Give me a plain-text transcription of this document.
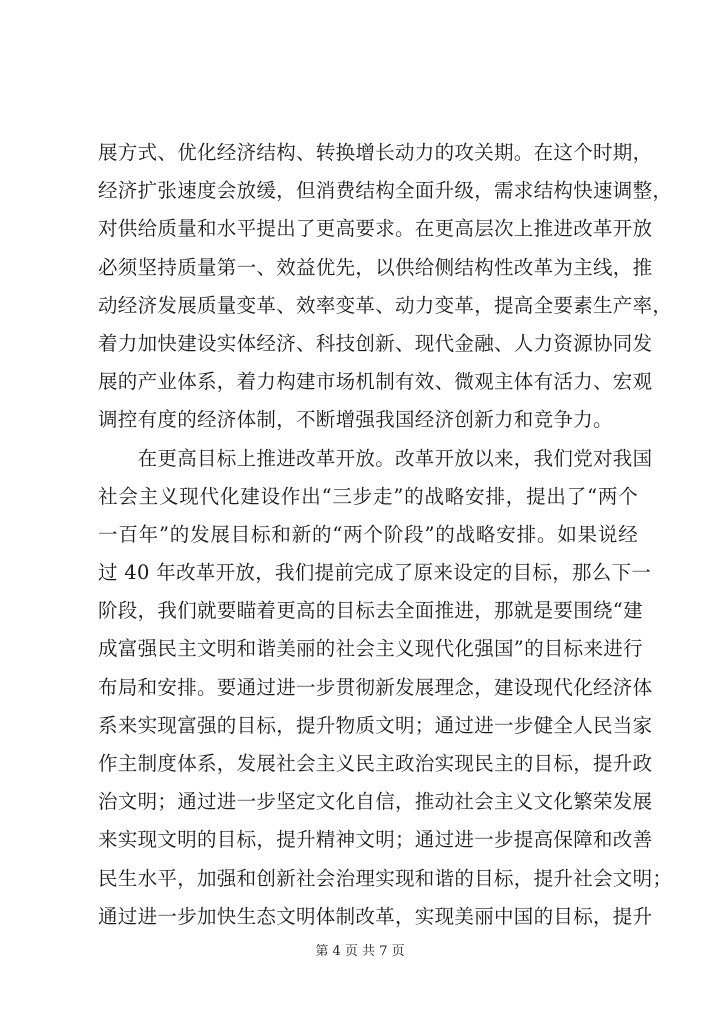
展方式、优化经济结构、转换增长动力的攻关期。在这个时期，
经济扩张速度会放缓，但消费结构全面升级，需求结构快速调整，
对供给质量和水平提出了更高要求。在更高层次上推进改革开放
必须坚持质量第一、效益优先，以供给侧结构性改革为主线，推
动经济发展质量变革、效率变革、动力变革，提高全要素生产率，
着力加快建设实体经济、科技创新、现代金融、人力资源协同发
展的产业体系，着力构建市场机制有效、微观主体有活力、宏观
调控有度的经济体制，不断增强我国经济创新力和竞争力。
　　在更高目标上推进改革开放。改革开放以来，我们党对我国
社会主义现代化建设作出“三步走”的战略安排，提出了“两个
一百年”的发展目标和新的“两个阶段”的战略安排。如果说经
过 40 年改革开放，我们提前完成了原来设定的目标，那么下一
阶段，我们就要瞄着更高的目标去全面推进，那就是要围绕“建
成富强民主文明和谐美丽的社会主义现代化强国”的目标来进行
布局和安排。要通过进一步贯彻新发展理念，建设现代化经济体
系来实现富强的目标，提升物质文明；通过进一步健全人民当家
作主制度体系，发展社会主义民主政治实现民主的目标，提升政
治文明；通过进一步坚定文化自信，推动社会主义文化繁荣发展
来实现文明的目标，提升精神文明；通过进一步提高保障和改善
民生水平，加强和创新社会治理实现和谐的目标，提升社会文明；
通过进一步加快生态文明体制改革，实现美丽中国的目标，提升
第 4 页 共 7 页
